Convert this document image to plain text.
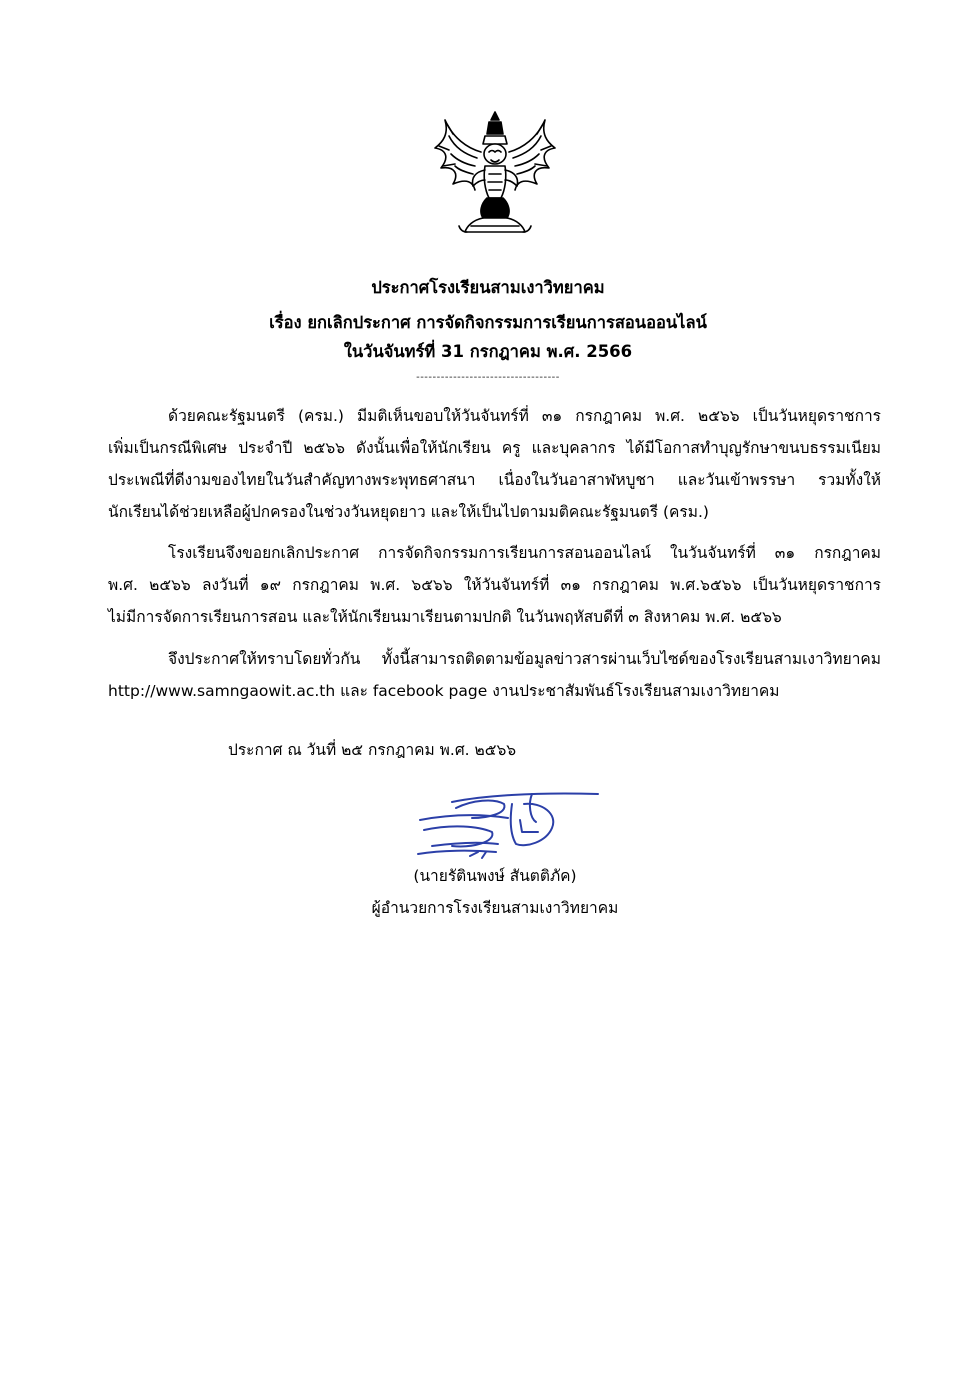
ประกาศโรงเรียนสามเงาวิทยาคม
เรื่อง ยกเลิกประกาศ การจัดกิจกรรมการเรียนการสอนออนไลน์
ในวันจันทร์ที่ 31 กรกฎาคม พ.ศ. 2566
-----------------------------------
ด้วยคณะรัฐมนตรี (ครม.) มีมติเห็นขอบให้วันจันทร์ที่ ๓๑ กรกฎาคม พ.ศ. ๒๕๖๖ เป็นวันหยุดราชการ
เพิ่มเป็นกรณีพิเศษ ประจำปี ๒๕๖๖ ดังนั้นเพื่อให้นักเรียน ครู และบุคลากร ได้มีโอกาสทำบุญรักษาขนบธรรมเนียม
ประเพณีที่ดีงามของไทยในวันสำคัญทางพระพุทธศาสนา เนื่องในวันอาสาฬหบูชา และวันเข้าพรรษา รวมทั้งให้
นักเรียนได้ช่วยเหลือผู้ปกครองในช่วงวันหยุดยาว และให้เป็นไปตามมติคณะรัฐมนตรี (ครม.)
โรงเรียนจึงขอยกเลิกประกาศ การจัดกิจกรรมการเรียนการสอนออนไลน์ ในวันจันทร์ที่ ๓๑ กรกฎาคม
พ.ศ. ๒๕๖๖ ลงวันที่ ๑๙ กรกฎาคม พ.ศ. ๖๕๖๖ ให้วันจันทร์ที่ ๓๑ กรกฎาคม พ.ศ.๖๕๖๖ เป็นวันหยุดราชการ
ไม่มีการจัดการเรียนการสอน และให้นักเรียนมาเรียนตามปกติ ในวันพฤหัสบดีที่ ๓ สิงหาคม พ.ศ. ๒๕๖๖
จึงประกาศให้ทราบโดยทั่วกัน ทั้งนี้สามารถติดตามข้อมูลข่าวสารผ่านเว็บไซด์ของโรงเรียนสามเงาวิทยาคม
http://www.samngaowit.ac.th และ facebook page งานประชาสัมพันธ์โรงเรียนสามเงาวิทยาคม
ประกาศ ณ วันที่ ๒๕ กรกฎาคม พ.ศ. ๒๕๖๖
(นายรัตินพงษ์ สันตติภัค)
ผู้อำนวยการโรงเรียนสามเงาวิทยาคม
